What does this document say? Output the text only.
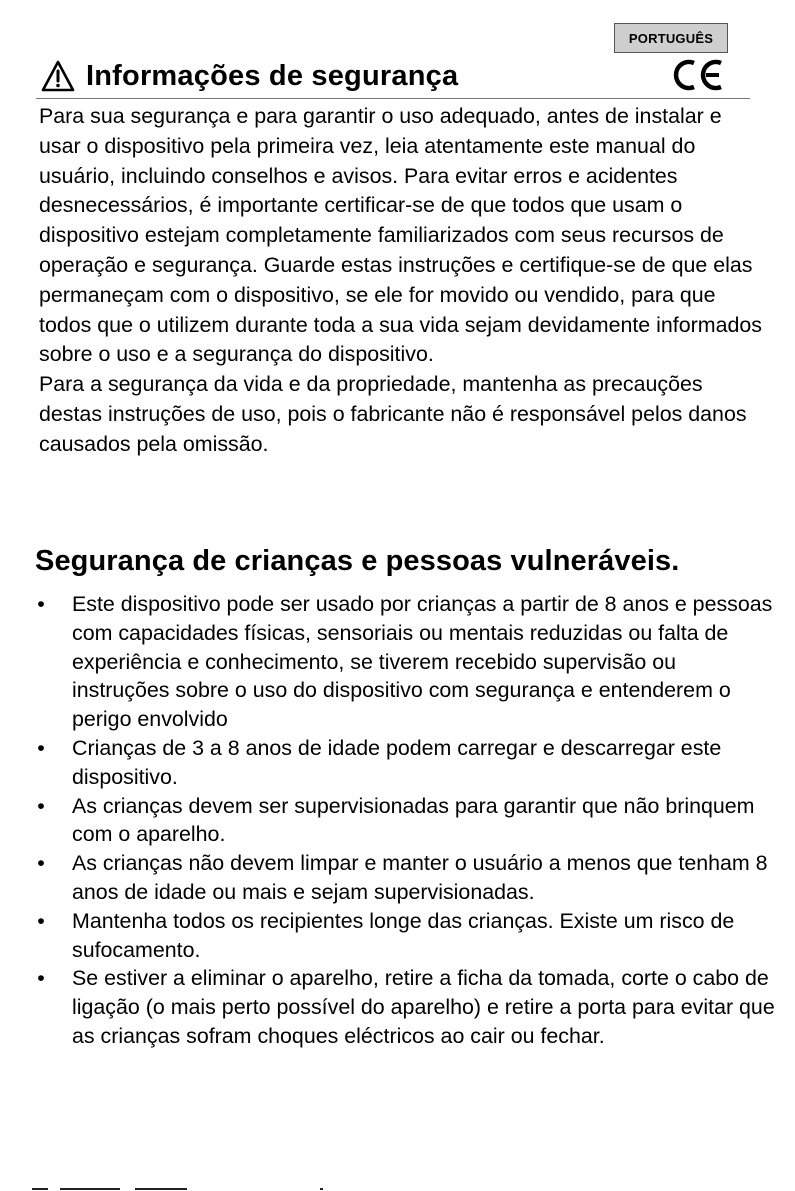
PORTUGUÊS
Informações de segurança

Para sua segurança e para garantir o uso adequado, antes de instalar e usar o dispositivo pela primeira vez, leia atentamente este manual do usuário, incluindo conselhos e avisos. Para evitar erros e acidentes desnecessários, é importante certificar-se de que todos que usam o dispositivo estejam completamente familiarizados com seus recursos de operação e segurança. Guarde estas instruções e certifique-se de que elas permaneçam com o dispositivo, se ele for movido ou vendido, para que todos que o utilizem durante toda a sua vida sejam devidamente informados sobre o uso e a segurança do dispositivo.

Para a segurança da vida e da propriedade, mantenha as precauções destas instruções de uso, pois o fabricante não é responsável pelos danos causados pela omissão.

Segurança de crianças e pessoas vulneráveis.
• Este dispositivo pode ser usado por crianças a partir de 8 anos e pessoas com capacidades físicas, sensoriais ou mentais reduzidas ou falta de experiência e conhecimento, se tiverem recebido supervisão ou instruções sobre o uso do dispositivo com segurança e entenderem o perigo envolvido
• Crianças de 3 a 8 anos de idade podem carregar e descarregar este dispositivo.
• As crianças devem ser supervisionadas para garantir que não brinquem com o aparelho.
• As crianças não devem limpar e manter o usuário a menos que tenham 8 anos de idade ou mais e sejam supervisionadas.
• Mantenha todos os recipientes longe das crianças. Existe um risco de sufocamento.
• Se estiver a eliminar o aparelho, retire a ficha da tomada, corte o cabo de ligação (o mais perto possível do aparelho) e retire a porta para evitar que as crianças sofram choques eléctricos ao cair ou fechar.
